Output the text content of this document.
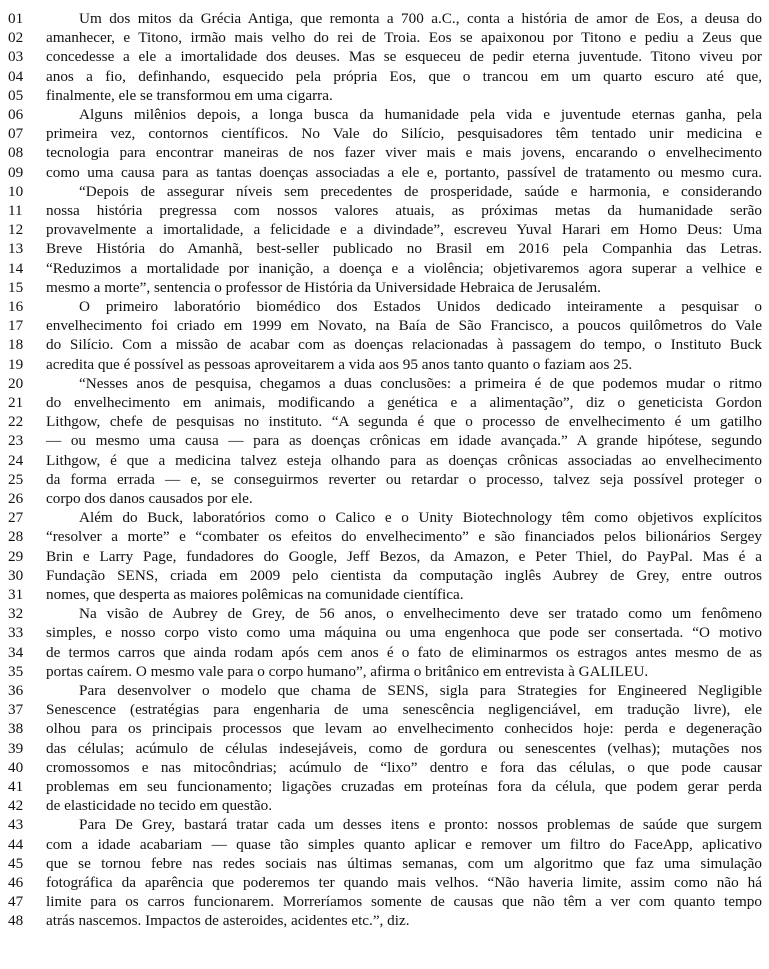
01	Um dos mitos da Grécia Antiga, que remonta a 700 a.C., conta a história de amor de Eos, a deusa do
02	amanhecer, e Titono, irmão mais velho do rei de Troia. Eos se apaixonou por Titono e pediu a Zeus que
03	concedesse a ele a imortalidade dos deuses. Mas se esqueceu de pedir eterna juventude. Titono viveu por
04	anos a fio, definhando, esquecido pela própria Eos, que o trancou em um quarto escuro até que,
05	finalmente, ele se transformou em uma cigarra.
06	Alguns milênios depois, a longa busca da humanidade pela vida e juventude eternas ganha, pela
07	primeira vez, contornos científicos. No Vale do Silício, pesquisadores têm tentado unir medicina e
08	tecnologia para encontrar maneiras de nos fazer viver mais e mais jovens, encarando o envelhecimento
09	como uma causa para as tantas doenças associadas a ele e, portanto, passível de tratamento ou mesmo cura.
10	“Depois de assegurar níveis sem precedentes de prosperidade, saúde e harmonia, e considerando
11	nossa história pregressa com nossos valores atuais, as próximas metas da humanidade serão
12	provavelmente a imortalidade, a felicidade e a divindade”, escreveu Yuval Harari em Homo Deus: Uma
13	Breve História do Amanhã, best-seller publicado no Brasil em 2016 pela Companhia das Letras.
14	“Reduzimos a mortalidade por inanição, a doença e a violência; objetivaremos agora superar a velhice e
15	mesmo a morte”, sentencia o professor de História da Universidade Hebraica de Jerusalém.
16	O primeiro laboratório biomédico dos Estados Unidos dedicado inteiramente a pesquisar o
17	envelhecimento foi criado em 1999 em Novato, na Baía de São Francisco, a poucos quilômetros do Vale
18	do Silício. Com a missão de acabar com as doenças relacionadas à passagem do tempo, o Instituto Buck
19	acredita que é possível as pessoas aproveitarem a vida aos 95 anos tanto quanto o faziam aos 25.
20	“Nesses anos de pesquisa, chegamos a duas conclusões: a primeira é de que podemos mudar o ritmo
21	do envelhecimento em animais, modificando a genética e a alimentação”, diz o geneticista Gordon
22	Lithgow, chefe de pesquisas no instituto. “A segunda é que o processo de envelhecimento é um gatilho
23	— ou mesmo uma causa — para as doenças crônicas em idade avançada.” A grande hipótese, segundo
24	Lithgow, é que a medicina talvez esteja olhando para as doenças crônicas associadas ao envelhecimento
25	da forma errada — e, se conseguirmos reverter ou retardar o processo, talvez seja possível proteger o
26	corpo dos danos causados por ele.
27	Além do Buck, laboratórios como o Calico e o Unity Biotechnology têm como objetivos explícitos
28	“resolver a morte” e “combater os efeitos do envelhecimento” e são financiados pelos bilionários Sergey
29	Brin e Larry Page, fundadores do Google, Jeff Bezos, da Amazon, e Peter Thiel, do PayPal. Mas é a
30	Fundação SENS, criada em 2009 pelo cientista da computação inglês Aubrey de Grey, entre outros
31	nomes, que desperta as maiores polêmicas na comunidade científica.
32	Na visão de Aubrey de Grey, de 56 anos, o envelhecimento deve ser tratado como um fenômeno
33	simples, e nosso corpo visto como uma máquina ou uma engenhoca que pode ser consertada. “O motivo
34	de termos carros que ainda rodam após cem anos é o fato de eliminarmos os estragos antes mesmo de as
35	portas caírem. O mesmo vale para o corpo humano”, afirma o britânico em entrevista à GALILEU.
36	Para desenvolver o modelo que chama de SENS, sigla para Strategies for Engineered Negligible
37	Senescence (estratégias para engenharia de uma senescência negligenciável, em tradução livre), ele
38	olhou para os principais processos que levam ao envelhecimento conhecidos hoje: perda e degeneração
39	das células; acúmulo de células indesejáveis, como de gordura ou senescentes (velhas); mutações nos
40	cromossomos e nas mitocôndrias; acúmulo de “lixo” dentro e fora das células, o que pode causar
41	problemas em seu funcionamento; ligações cruzadas em proteínas fora da célula, que podem gerar perda
42	de elasticidade no tecido em questão.
43	Para De Grey, bastará tratar cada um desses itens e pronto: nossos problemas de saúde que surgem
44	com a idade acabariam — quase tão simples quanto aplicar e remover um filtro do FaceApp, aplicativo
45	que se tornou febre nas redes sociais nas últimas semanas, com um algoritmo que faz uma simulação
46	fotográfica da aparência que poderemos ter quando mais velhos. “Não haveria limite, assim como não há
47	limite para os carros funcionarem. Morreríamos somente de causas que não têm a ver com quanto tempo
48	atrás nascemos. Impactos de asteroides, acidentes etc.”, diz.
